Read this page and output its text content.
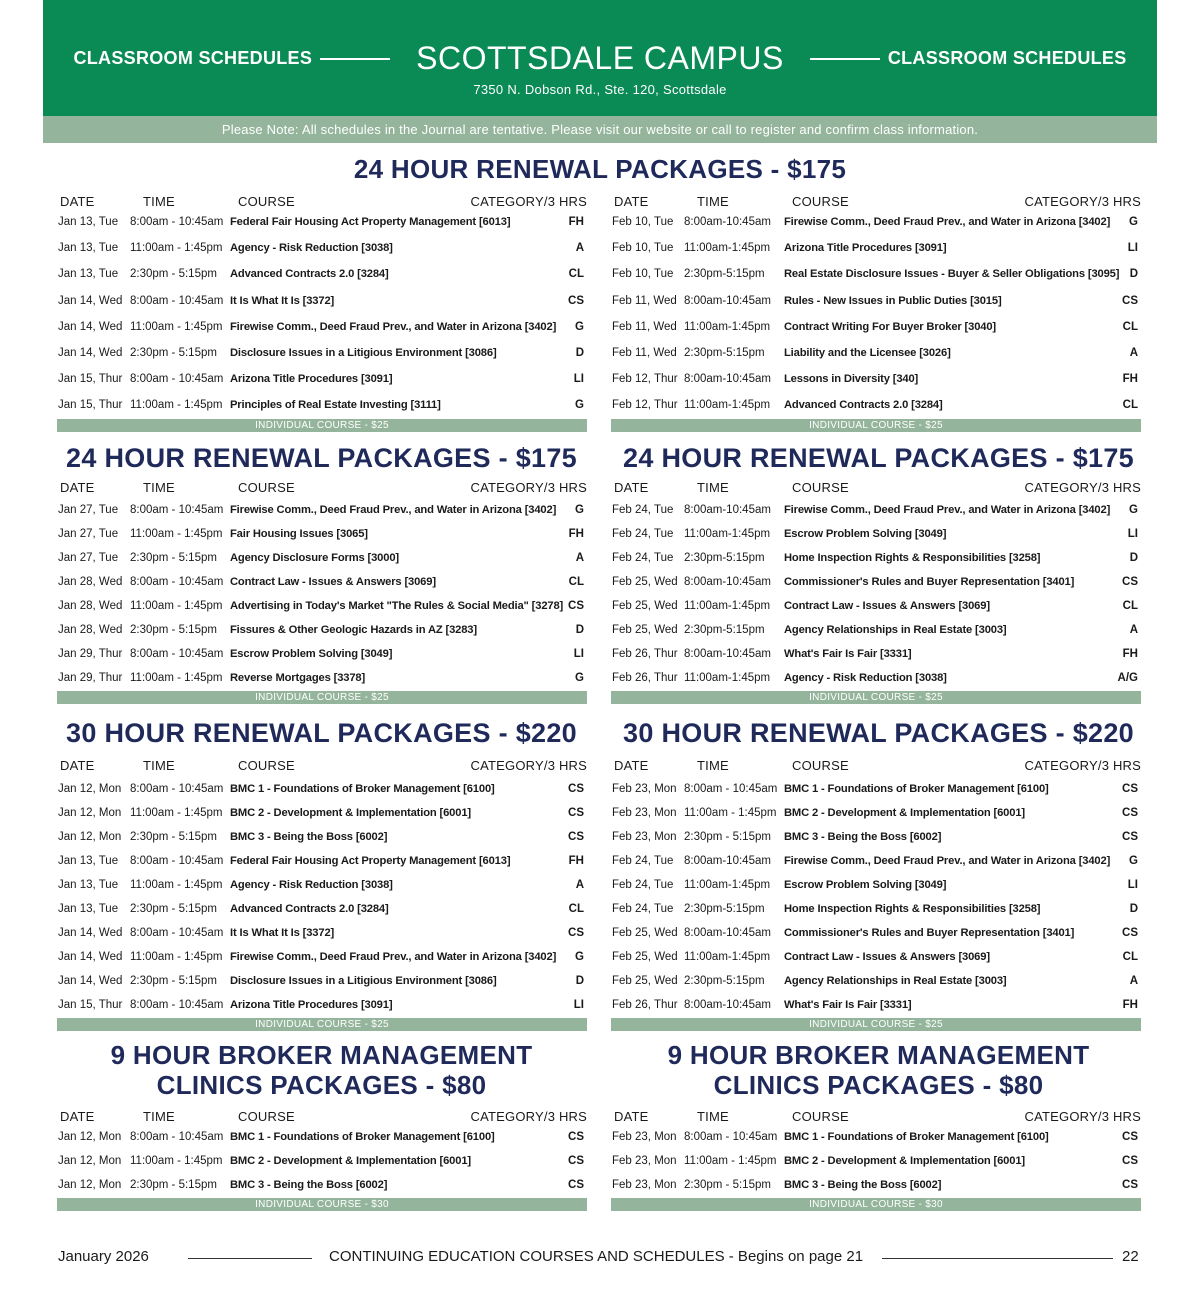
CLASSROOM SCHEDULES	SCOTTSDALE CAMPUS	CLASSROOM SCHEDULES
7350 N. Dobson Rd., Ste. 120, Scottsdale
Please Note: All schedules in the Journal are tentative. Please visit our website or call to register and confirm class information.
24 HOUR RENEWAL PACKAGES - $175
24 HOUR RENEWAL PACKAGES - $175	24 HOUR RENEWAL PACKAGES - $175
30 HOUR RENEWAL PACKAGES - $220	30 HOUR RENEWAL PACKAGES - $220
9 HOUR BROKER MANAGEMENT
CLINICS PACKAGES - $80
9 HOUR BROKER MANAGEMENT
CLINICS PACKAGES - $80
DATE	TIME	COURSE	CATEGORY/3 HRS
Jan 13, Tue 8:00am - 10:45am Federal Fair Housing Act Property Management [6013]	FH
Jan 13, Tue 11:00am - 1:45pm Agency - Risk Reduction [3038]	A
Jan 13, Tue 2:30pm - 5:15pm Advanced Contracts 2.0 [3284]	CL
Jan 14, Wed 8:00am - 10:45am It Is What It Is [3372]	CS
Jan 14, Wed 11:00am - 1:45pm Firewise Comm., Deed Fraud Prev., and Water in Arizona [3402] G
Jan 14, Wed 2:30pm - 5:15pm Disclosure Issues in a Litigious Environment [3086]	D
Jan 15, Thur 8:00am - 10:45am Arizona Title Procedures [3091]	LI
Jan 15, Thur 11:00am - 1:45pm Principles of Real Estate Investing [3111]	G
INDIVIDUAL COURSE - $25
DATE	TIME	COURSE	CATEGORY/3 HRS
Feb 10, Tue 8:00am-10:45am Firewise Comm., Deed Fraud Prev., and Water in Arizona [3402] G
Feb 10, Tue 11:00am-1:45pm Arizona Title Procedures [3091]	LI
Feb 10, Tue 2:30pm-5:15pm Real Estate Disclosure Issues - Buyer & Seller Obligations [3095] D
Feb 11, Wed 8:00am-10:45am Rules - New Issues in Public Duties [3015]	CS
Feb 11, Wed 11:00am-1:45pm Contract Writing For Buyer Broker [3040]	CL
Feb 11, Wed 2:30pm-5:15pm Liability and the Licensee [3026]	A
Feb 12, Thur 8:00am-10:45am Lessons in Diversity [340]	FH
Feb 12, Thur 11:00am-1:45pm Advanced Contracts 2.0 [3284]	CL
INDIVIDUAL COURSE - $25
DATE	TIME	COURSE	CATEGORY/3 HRS
Jan 27, Tue 8:00am - 10:45am Firewise Comm., Deed Fraud Prev., and Water in Arizona [3402] G
Jan 27, Tue 11:00am - 1:45pm Fair Housing Issues [3065]	FH
Jan 27, Tue 2:30pm - 5:15pm Agency Disclosure Forms [3000]	A
Jan 28, Wed 8:00am - 10:45am Contract Law - Issues & Answers [3069]	CL
Jan 28, Wed 11:00am - 1:45pm Advertising in Today's Market "The Rules & Social Media" [3278] CS
Jan 28, Wed 2:30pm - 5:15pm Fissures & Other Geologic Hazards in AZ [3283]	D
Jan 29, Thur 8:00am - 10:45am Escrow Problem Solving [3049]	LI
Jan 29, Thur 11:00am - 1:45pm Reverse Mortgages [3378]	G
INDIVIDUAL COURSE - $25
DATE	TIME	COURSE	CATEGORY/3 HRS
Feb 24, Tue 8:00am-10:45am Firewise Comm., Deed Fraud Prev., and Water in Arizona [3402] G
Feb 24, Tue 11:00am-1:45pm Escrow Problem Solving [3049]	LI
Feb 24, Tue 2:30pm-5:15pm Home Inspection Rights & Responsibilities [3258]	D
Feb 25, Wed 8:00am-10:45am Commissioner's Rules and Buyer Representation [3401]	CS
Feb 25, Wed 11:00am-1:45pm Contract Law - Issues & Answers [3069]	CL
Feb 25, Wed 2:30pm-5:15pm Agency Relationships in Real Estate [3003]	A
Feb 26, Thur 8:00am-10:45am What's Fair Is Fair [3331]	FH
Feb 26, Thur 11:00am-1:45pm Agency - Risk Reduction [3038]	A/G
INDIVIDUAL COURSE - $25
DATE	TIME	COURSE	CATEGORY/3 HRS
Jan 12, Mon 8:00am - 10:45am BMC 1 - Foundations of Broker Management [6100]	CS
Jan 12, Mon 11:00am - 1:45pm BMC 2 - Development & Implementation [6001]	CS
Jan 12, Mon 2:30pm - 5:15pm BMC 3 - Being the Boss [6002]	CS
Jan 13, Tue 8:00am - 10:45am Federal Fair Housing Act Property Management [6013]	FH
Jan 13, Tue 11:00am - 1:45pm Agency - Risk Reduction [3038]	A
Jan 13, Tue 2:30pm - 5:15pm Advanced Contracts 2.0 [3284]	CL
Jan 14, Wed 8:00am - 10:45am It Is What It Is [3372]	CS
Jan 14, Wed 11:00am - 1:45pm Firewise Comm., Deed Fraud Prev., and Water in Arizona [3402] G
Jan 14, Wed 2:30pm - 5:15pm Disclosure Issues in a Litigious Environment [3086]	D
Jan 15, Thur 8:00am - 10:45am Arizona Title Procedures [3091]	LI
INDIVIDUAL COURSE - $25
DATE	TIME	COURSE	CATEGORY/3 HRS
Feb 23, Mon 8:00am - 10:45am BMC 1 - Foundations of Broker Management [6100]	CS
Feb 23, Mon 11:00am - 1:45pm BMC 2 - Development & Implementation [6001]	CS
Feb 23, Mon 2:30pm - 5:15pm BMC 3 - Being the Boss [6002]	CS
Feb 24, Tue 8:00am-10:45am Firewise Comm., Deed Fraud Prev., and Water in Arizona [3402] G
Feb 24, Tue 11:00am-1:45pm Escrow Problem Solving [3049]	LI
Feb 24, Tue 2:30pm-5:15pm Home Inspection Rights & Responsibilities [3258]	D
Feb 25, Wed 8:00am-10:45am Commissioner's Rules and Buyer Representation [3401]	CS
Feb 25, Wed 11:00am-1:45pm Contract Law - Issues & Answers [3069]	CL
Feb 25, Wed 2:30pm-5:15pm Agency Relationships in Real Estate [3003]	A
Feb 26, Thur 8:00am-10:45am What's Fair Is Fair [3331]	FH
INDIVIDUAL COURSE - $25
DATE	TIME	COURSE	CATEGORY/3 HRS
Jan 12, Mon 8:00am - 10:45am BMC 1 - Foundations of Broker Management [6100]	CS
Jan 12, Mon 11:00am - 1:45pm BMC 2 - Development & Implementation [6001]	CS
Jan 12, Mon 2:30pm - 5:15pm BMC 3 - Being the Boss [6002]	CS
INDIVIDUAL COURSE - $30
DATE	TIME	COURSE	CATEGORY/3 HRS
Feb 23, Mon 8:00am - 10:45am BMC 1 - Foundations of Broker Management [6100]	CS
Feb 23, Mon 11:00am - 1:45pm BMC 2 - Development & Implementation [6001]	CS
Feb 23, Mon 2:30pm - 5:15pm BMC 3 - Being the Boss [6002]	CS
INDIVIDUAL COURSE - $30
January 2026	CONTINUING EDUCATION COURSES AND SCHEDULES - Begins on page 21	22
